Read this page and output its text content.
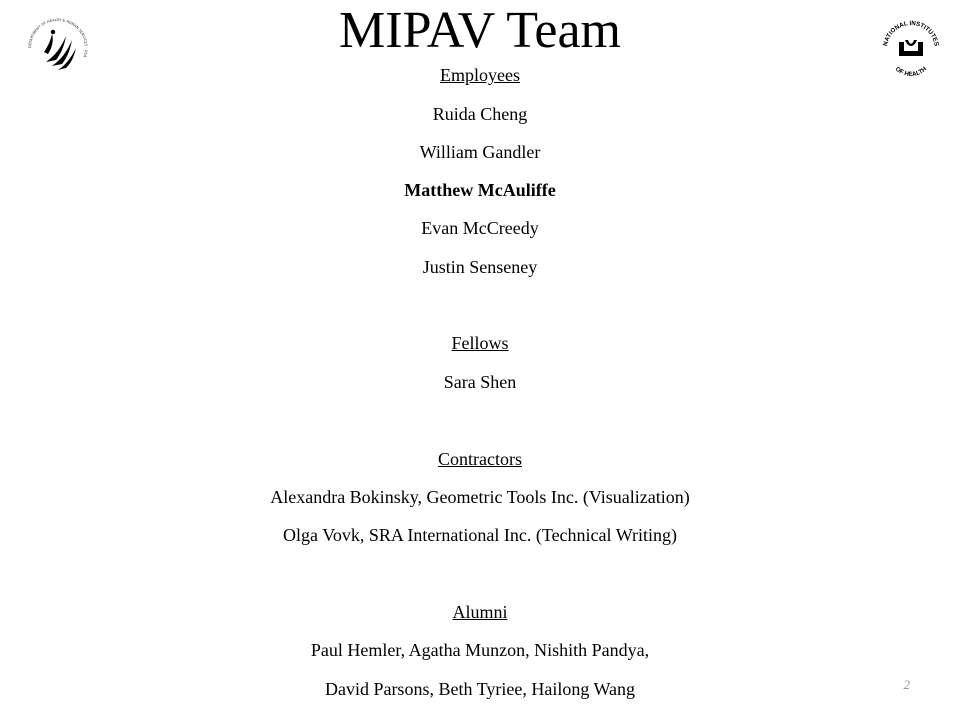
DEPARTMENT OF HEALTH & HUMAN SERVICES · USA
NATIONAL INSTITUTES
OF HEALTH
MIPAV Team
Employees
Ruida Cheng
William Gandler
Matthew McAuliffe
Evan McCreedy
Justin Senseney
Fellows
Sara Shen
Contractors
Alexandra Bokinsky, Geometric Tools Inc. (Visualization)
Olga Vovk, SRA International Inc. (Technical Writing)
Alumni
Paul Hemler, Agatha Munzon, Nishith Pandya,
David Parsons, Beth Tyriee, Hailong Wang	2
